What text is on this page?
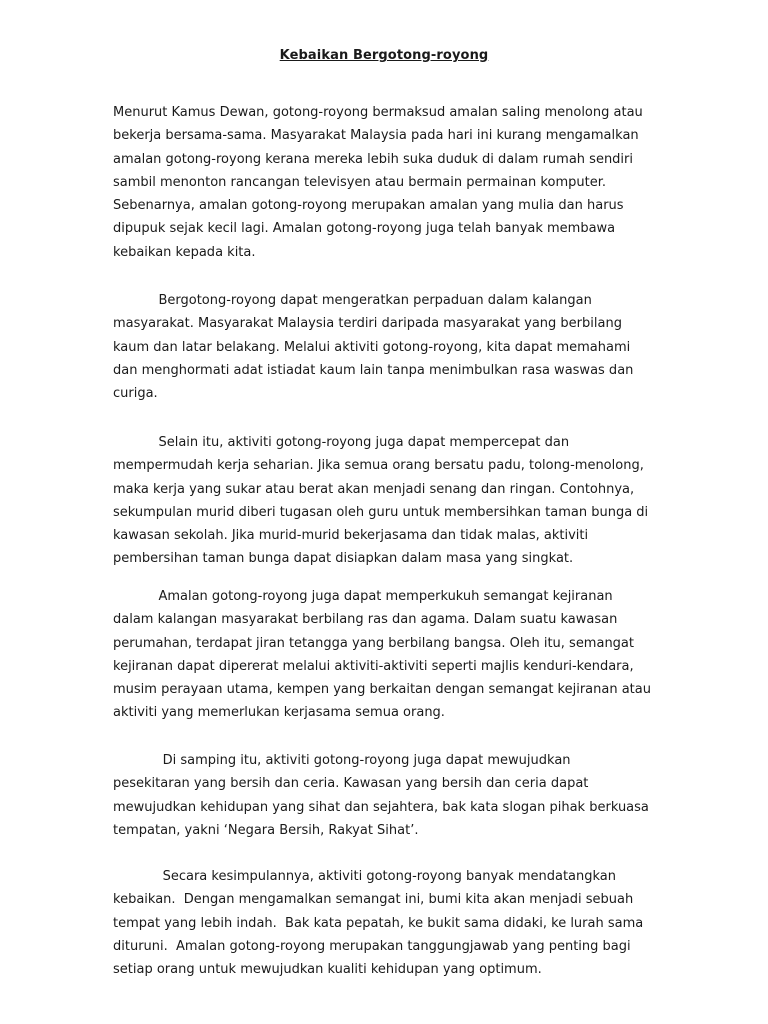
Kebaikan Bergotong-royong
Menurut Kamus Dewan, gotong-royong bermaksud amalan saling menolong atau
bekerja bersama-sama. Masyarakat Malaysia pada hari ini kurang mengamalkan
amalan gotong-royong kerana mereka lebih suka duduk di dalam rumah sendiri
sambil menonton rancangan televisyen atau bermain permainan komputer.
Sebenarnya, amalan gotong-royong merupakan amalan yang mulia dan harus
dipupuk sejak kecil lagi. Amalan gotong-royong juga telah banyak membawa
kebaikan kepada kita.
Bergotong-royong dapat mengeratkan perpaduan dalam kalangan
masyarakat. Masyarakat Malaysia terdiri daripada masyarakat yang berbilang
kaum dan latar belakang. Melalui aktiviti gotong-royong, kita dapat memahami
dan menghormati adat istiadat kaum lain tanpa menimbulkan rasa waswas dan
curiga.
Selain itu, aktiviti gotong-royong juga dapat mempercepat dan
mempermudah kerja seharian. Jika semua orang bersatu padu, tolong-menolong,
maka kerja yang sukar atau berat akan menjadi senang dan ringan. Contohnya,
sekumpulan murid diberi tugasan oleh guru untuk membersihkan taman bunga di
kawasan sekolah. Jika murid-murid bekerjasama dan tidak malas, aktiviti
pembersihan taman bunga dapat disiapkan dalam masa yang singkat.
Amalan gotong-royong juga dapat memperkukuh semangat kejiranan
dalam kalangan masyarakat berbilang ras dan agama. Dalam suatu kawasan
perumahan, terdapat jiran tetangga yang berbilang bangsa. Oleh itu, semangat
kejiranan dapat dipererat melalui aktiviti-aktiviti seperti majlis kenduri-kendara,
musim perayaan utama, kempen yang berkaitan dengan semangat kejiranan atau
aktiviti yang memerlukan kerjasama semua orang.
Di samping itu, aktiviti gotong-royong juga dapat mewujudkan
pesekitaran yang bersih dan ceria. Kawasan yang bersih dan ceria dapat
mewujudkan kehidupan yang sihat dan sejahtera, bak kata slogan pihak berkuasa
tempatan, yakni ‘Negara Bersih, Rakyat Sihat’.
Secara kesimpulannya, aktiviti gotong-royong banyak mendatangkan
kebaikan.  Dengan mengamalkan semangat ini, bumi kita akan menjadi sebuah
tempat yang lebih indah.  Bak kata pepatah, ke bukit sama didaki, ke lurah sama
dituruni.  Amalan gotong-royong merupakan tanggungjawab yang penting bagi
setiap orang untuk mewujudkan kualiti kehidupan yang optimum.
